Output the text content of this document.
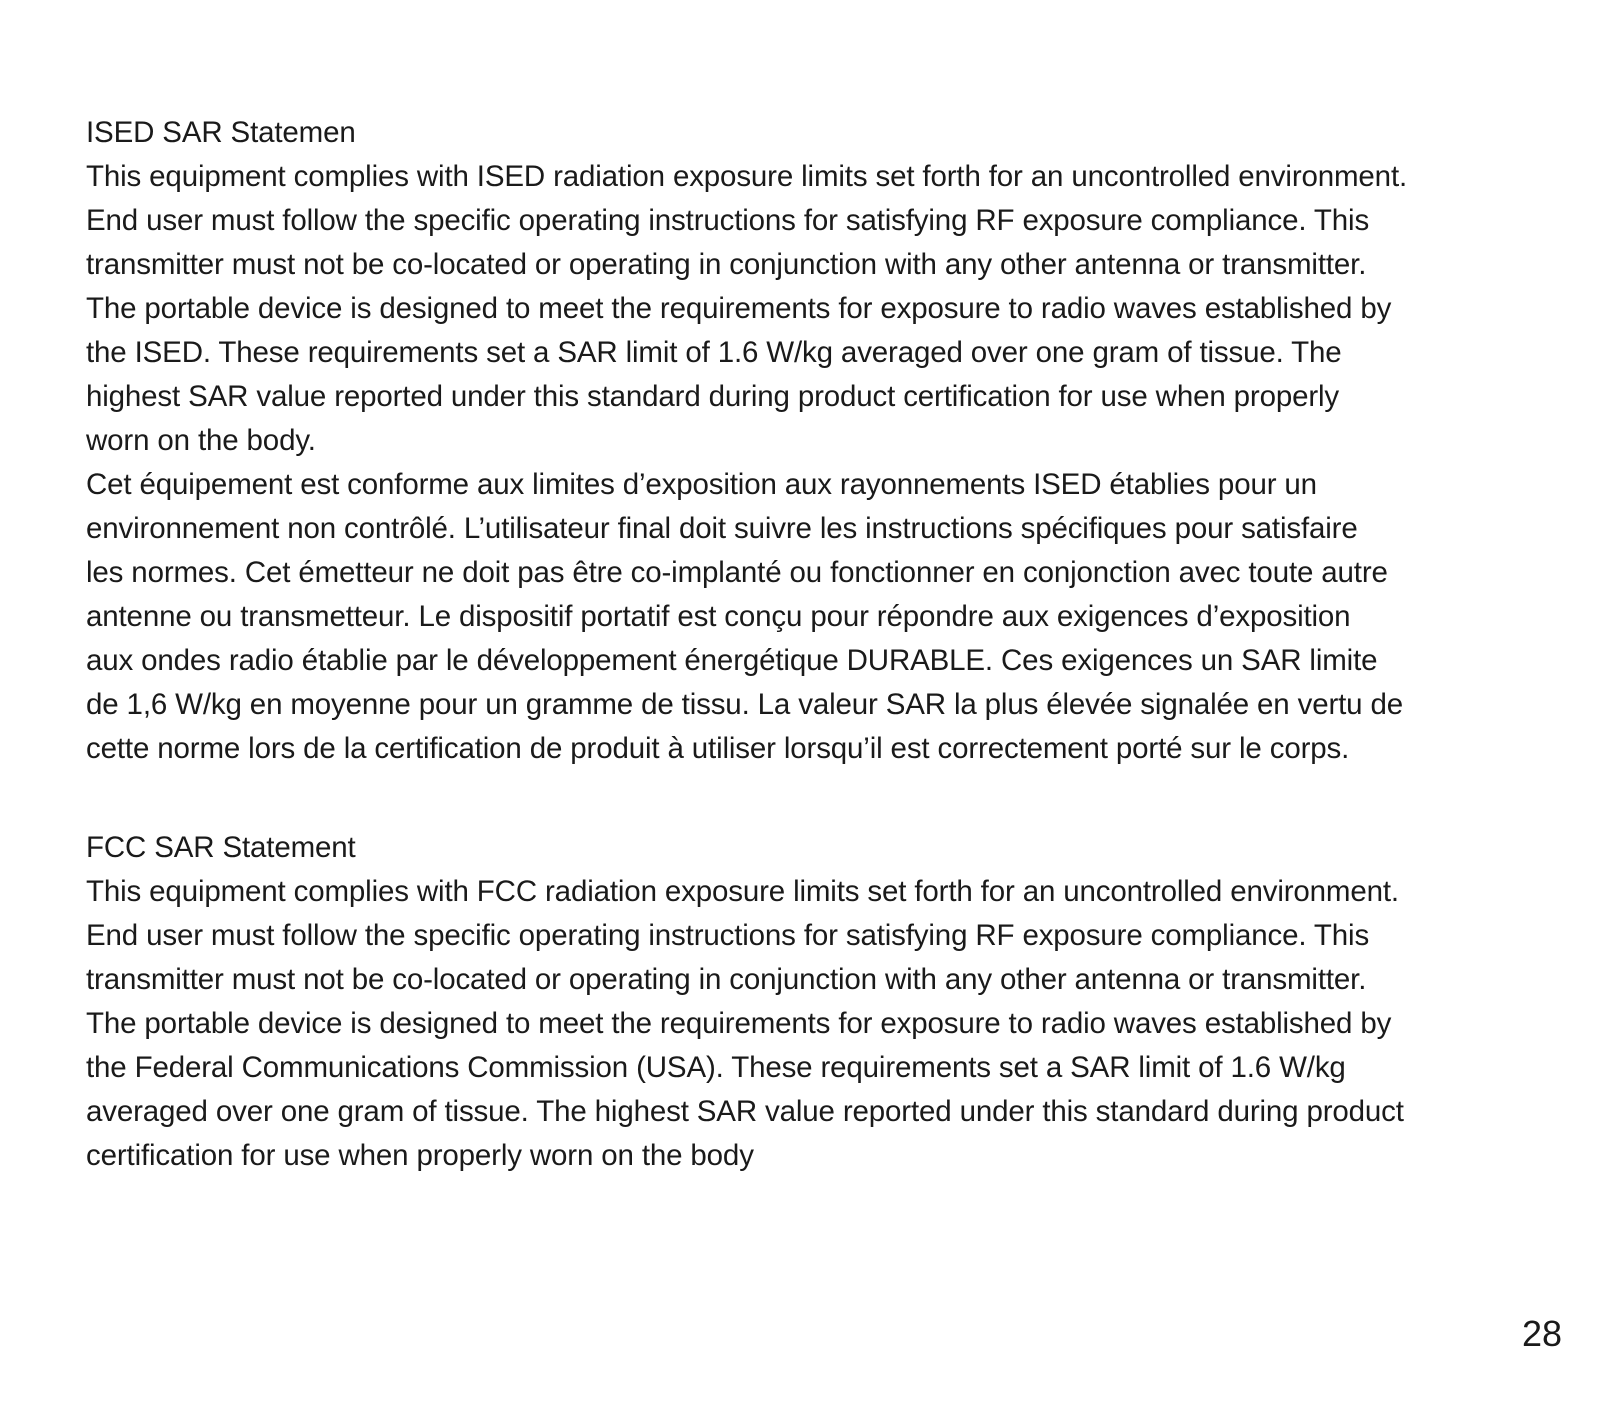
ISED SAR Statemen
This equipment complies with ISED radiation exposure limits set forth for an uncontrolled environment.
End user must follow the specific operating instructions for satisfying RF exposure compliance. This
transmitter must not be co-located or operating in conjunction with any other antenna or transmitter.
The portable device is designed to meet the requirements for exposure to radio waves established by
the ISED. These requirements set a SAR limit of 1.6 W/kg averaged over one gram of tissue. The
highest SAR value reported under this standard during product certification for use when properly
worn on the body.
Cet équipement est conforme aux limites d’exposition aux rayonnements ISED établies pour un
environnement non contrôlé. L’utilisateur final doit suivre les instructions spécifiques pour satisfaire
les normes. Cet émetteur ne doit pas être co-implanté ou fonctionner en conjonction avec toute autre
antenne ou transmetteur. Le dispositif portatif est conçu pour répondre aux exigences d’exposition
aux ondes radio établie par le développement énergétique DURABLE. Ces exigences un SAR limite
de 1,6 W/kg en moyenne pour un gramme de tissu. La valeur SAR la plus élevée signalée en vertu de
cette norme lors de la certification de produit à utiliser lorsqu’il est correctement porté sur le corps.
FCC SAR Statement
This equipment complies with FCC radiation exposure limits set forth for an uncontrolled environment.
End user must follow the specific operating instructions for satisfying RF exposure compliance. This
transmitter must not be co-located or operating in conjunction with any other antenna or transmitter.
The portable device is designed to meet the requirements for exposure to radio waves established by
the Federal Communications Commission (USA). These requirements set a SAR limit of 1.6 W/kg
averaged over one gram of tissue. The highest SAR value reported under this standard during product
certification for use when properly worn on the body
28
